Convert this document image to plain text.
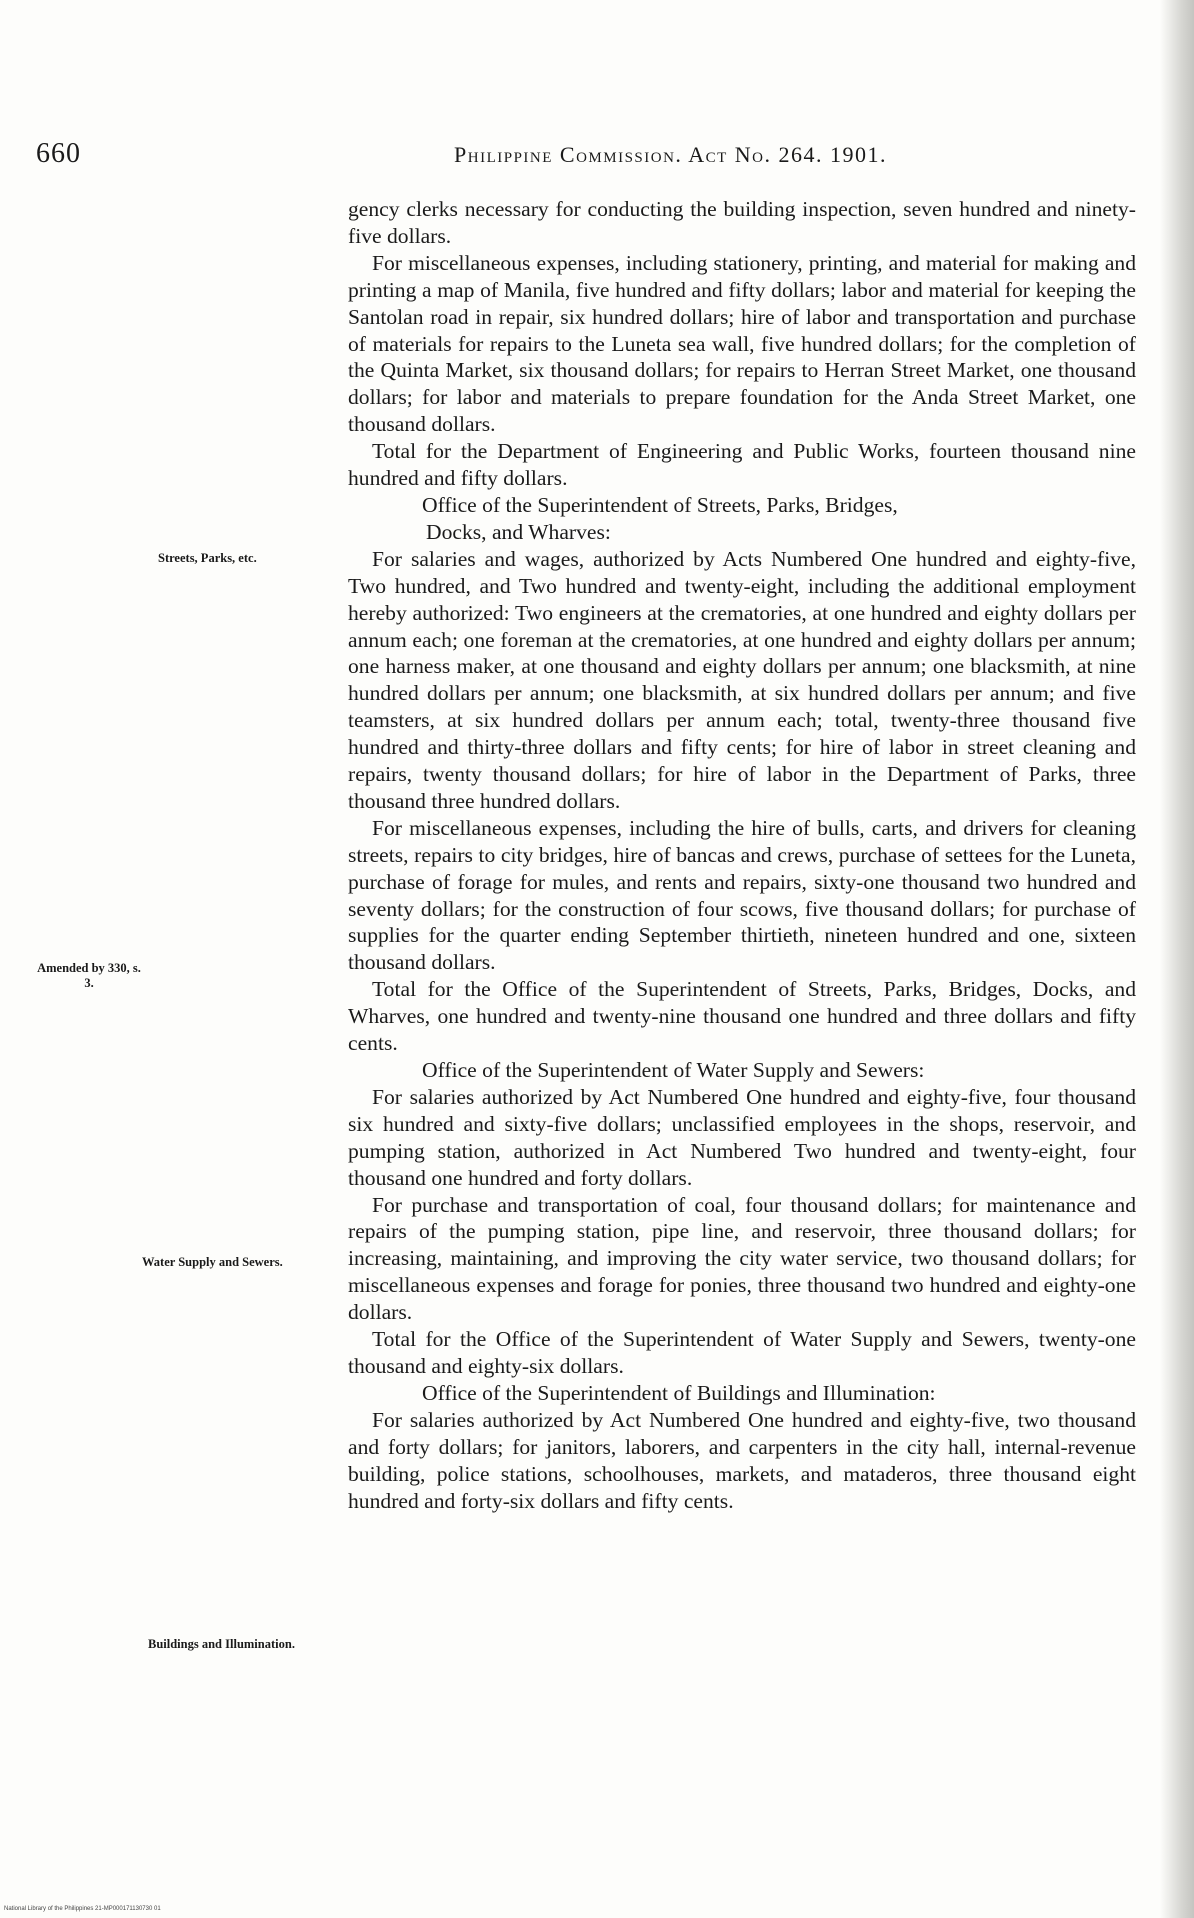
660	Philippine Commission. Act No. 264. 1901.
Streets, Parks, etc.
Amended by 330, s. 3.
Water Supply and Sewers.
Buildings and Illumination.

gency clerks necessary for conducting the building inspection, seven hundred and ninety-five dollars.

For miscellaneous expenses, including stationery, printing, and material for making and printing a map of Manila, five hundred and fifty dollars; labor and material for keeping the Santolan road in repair, six hundred dollars; hire of labor and transportation and purchase of materials for repairs to the Luneta sea wall, five hundred dollars; for the completion of the Quinta Market, six thousand dollars; for repairs to Herran Street Market, one thousand dollars; for labor and materials to prepare foundation for the Anda Street Market, one thousand dollars.

Total for the Department of Engineering and Public Works, fourteen thousand nine hundred and fifty dollars.

Office of the Superintendent of Streets, Parks, Bridges,
Docks, and Wharves:

For salaries and wages, authorized by Acts Numbered One hundred and eighty-five, Two hundred, and Two hundred and twenty-eight, including the additional employment hereby authorized: Two engineers at the crematories, at one hundred and eighty dollars per annum each; one foreman at the crematories, at one hundred and eighty dollars per annum; one harness maker, at one thousand and eighty dollars per annum; one blacksmith, at nine hundred dollars per annum; one blacksmith, at six hundred dollars per annum; and five teamsters, at six hundred dollars per annum each; total, twenty-three thousand five hundred and thirty-three dollars and fifty cents; for hire of labor in street cleaning and repairs, twenty thousand dollars; for hire of labor in the Department of Parks, three thousand three hundred dollars.

For miscellaneous expenses, including the hire of bulls, carts, and drivers for cleaning streets, repairs to city bridges, hire of bancas and crews, purchase of settees for the Luneta, purchase of forage for mules, and rents and repairs, sixty-one thousand two hundred and seventy dollars; for the construction of four scows, five thousand dollars; for purchase of supplies for the quarter ending September thirtieth, nineteen hundred and one, sixteen thousand dollars.

Total for the Office of the Superintendent of Streets, Parks, Bridges, Docks, and Wharves, one hundred and twenty-nine thousand one hundred and three dollars and fifty cents.

Office of the Superintendent of Water Supply and Sewers:

For salaries authorized by Act Numbered One hundred and eighty-five, four thousand six hundred and sixty-five dollars; unclassified employees in the shops, reservoir, and pumping station, authorized in Act Numbered Two hundred and twenty-eight, four thousand one hundred and forty dollars.

For purchase and transportation of coal, four thousand dollars; for maintenance and repairs of the pumping station, pipe line, and reservoir, three thousand dollars; for increasing, maintaining, and improving the city water service, two thousand dollars; for miscellaneous expenses and forage for ponies, three thousand two hundred and eighty-one dollars.

Total for the Office of the Superintendent of Water Supply and Sewers, twenty-one thousand and eighty-six dollars.

Office of the Superintendent of Buildings and Illumination:

For salaries authorized by Act Numbered One hundred and eighty-five, two thousand and forty dollars; for janitors, laborers, and carpenters in the city hall, internal-revenue building, police stations, schoolhouses, markets, and mataderos, three thousand eight hundred and forty-six dollars and fifty cents.

National Library of the Philippines 21-MP000171130730 01
